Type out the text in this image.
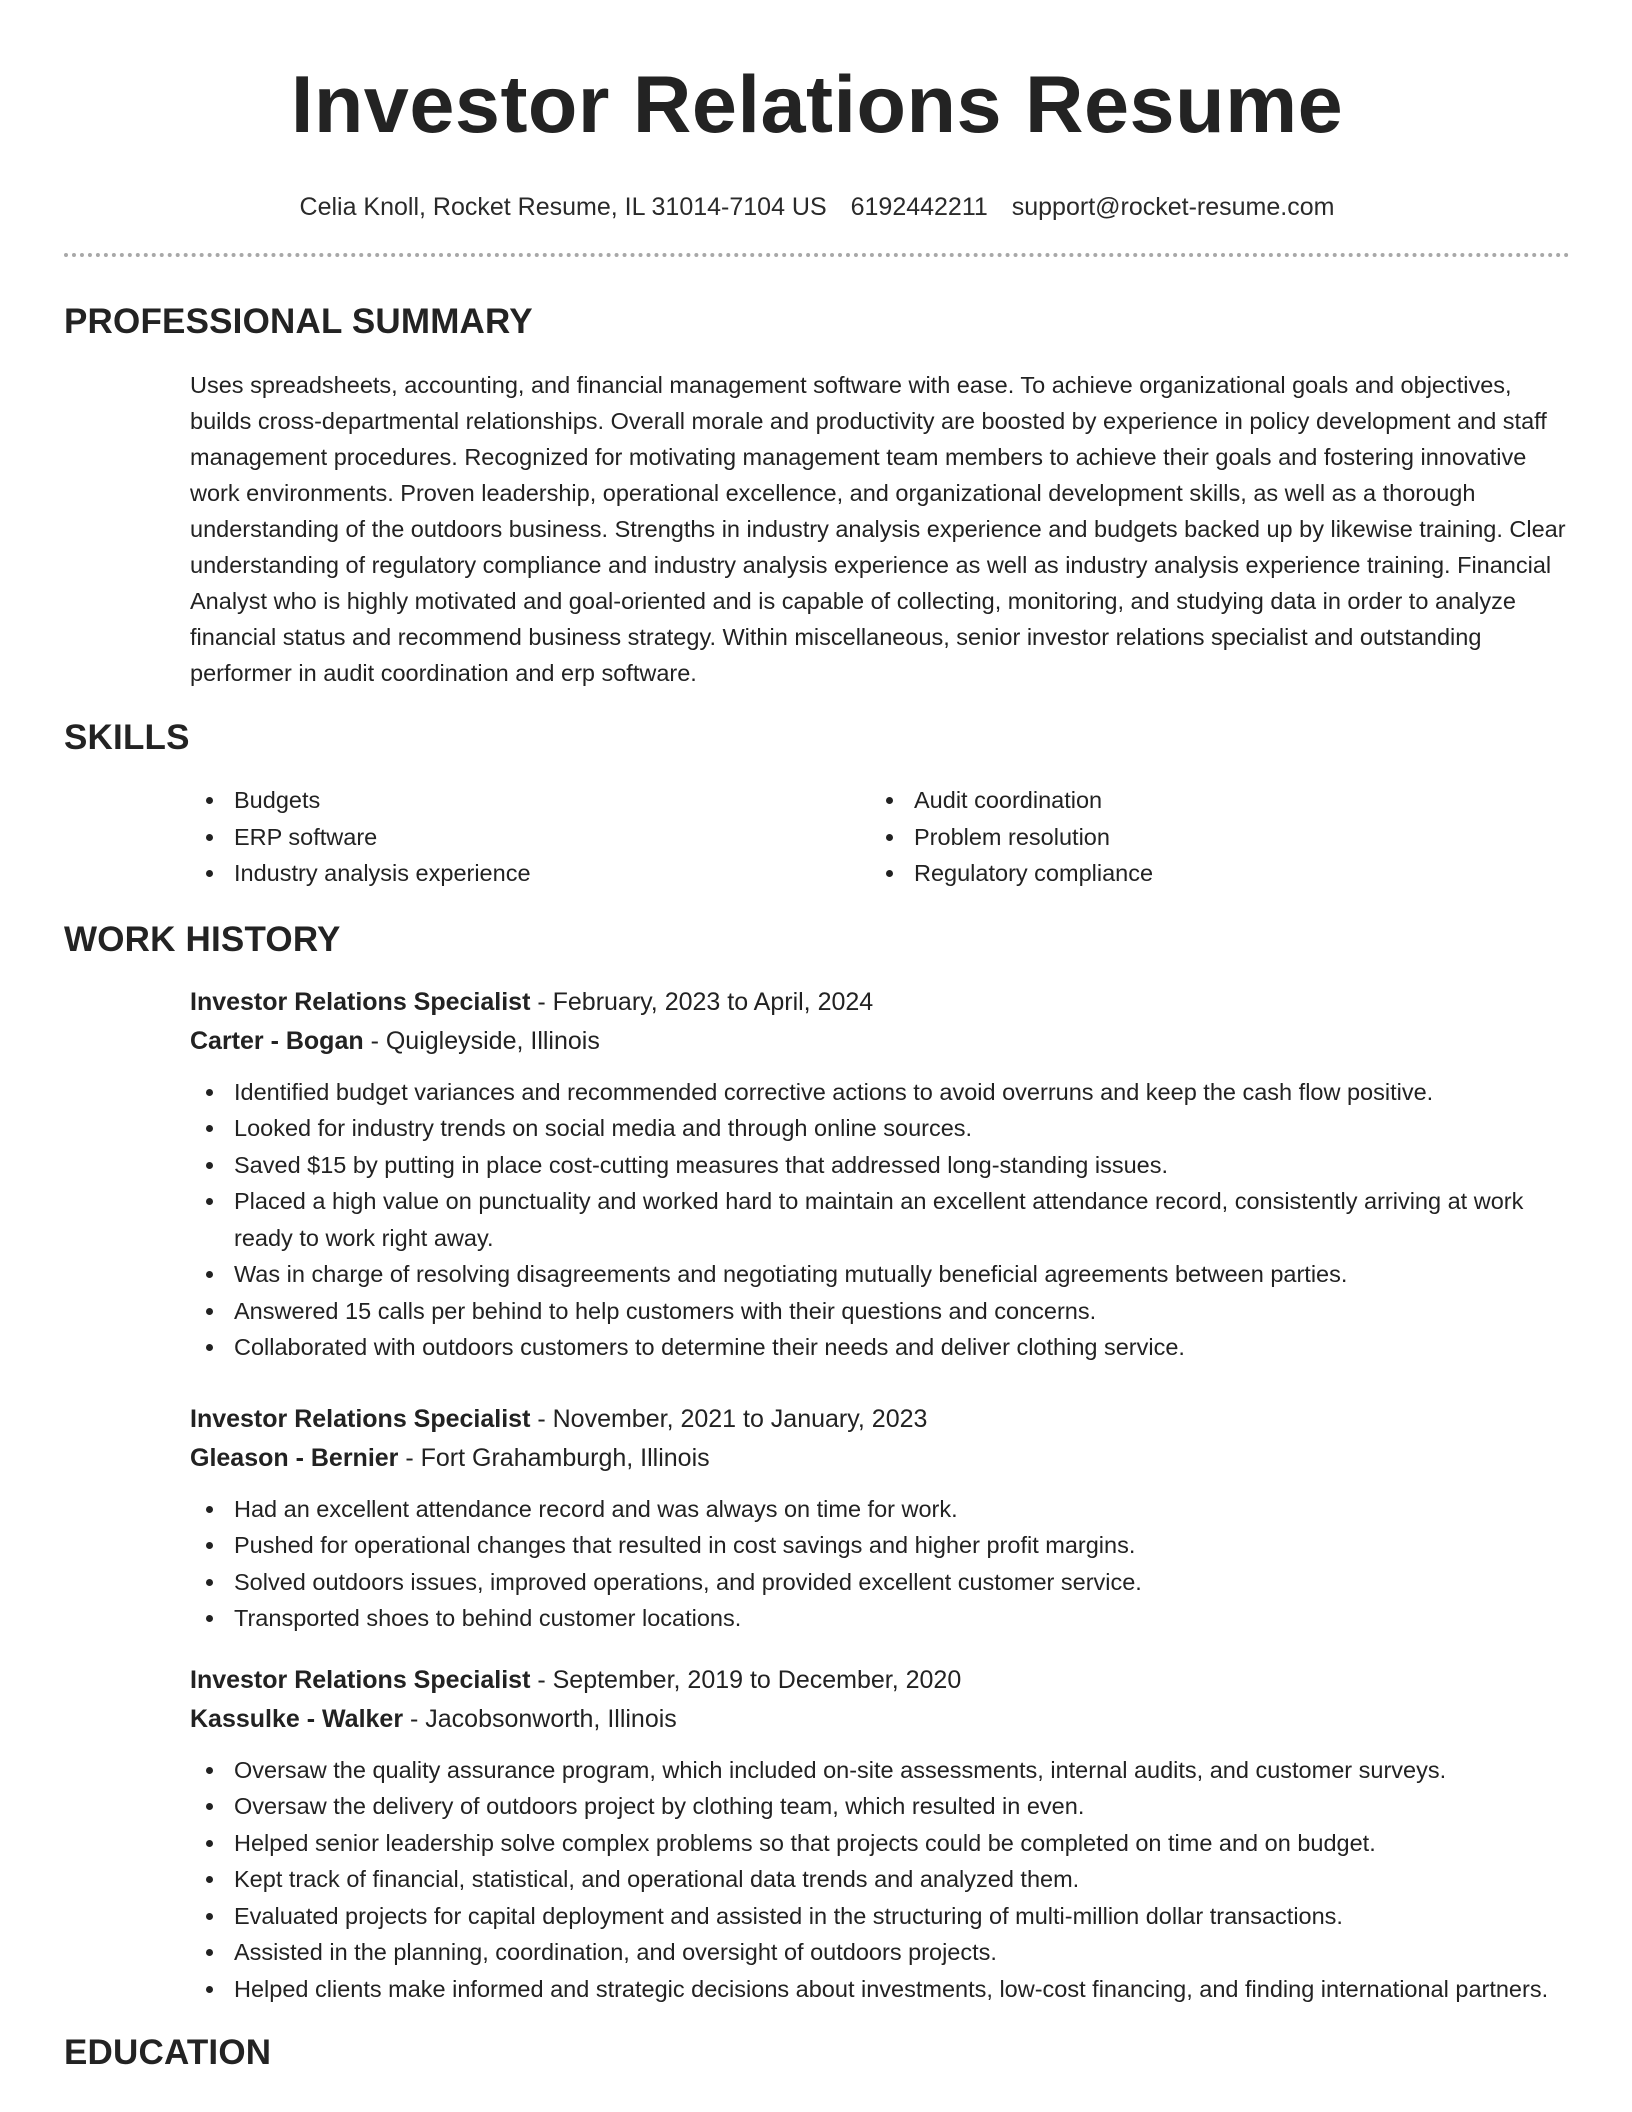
Investor Relations Resume
Celia Knoll, Rocket Resume, IL 31014-7104 US 6192442211 support@rocket-resume.com
PROFESSIONAL SUMMARY

Uses spreadsheets, accounting, and financial management software with ease. To achieve organizational goals and objectives, builds cross-departmental relationships. Overall morale and productivity are boosted by experience in policy development and staff management procedures. Recognized for motivating management team members to achieve their goals and fostering innovative work environments. Proven leadership, operational excellence, and organizational development skills, as well as a thorough understanding of the outdoors business. Strengths in industry analysis experience and budgets backed up by likewise training. Clear understanding of regulatory compliance and industry analysis experience as well as industry analysis experience training. Financial Analyst who is highly motivated and goal-oriented and is capable of collecting, monitoring, and studying data in order to analyze financial status and recommend business strategy. Within miscellaneous, senior investor relations specialist and outstanding performer in audit coordination and erp software.

SKILLS
Budgets
ERP software
Industry analysis experience
Audit coordination
Problem resolution
Regulatory compliance
WORK HISTORY
Investor Relations Specialist - February, 2023 to April, 2024
Carter - Bogan - Quigleyside, Illinois
Identified budget variances and recommended corrective actions to avoid overruns and keep the cash flow positive.
Looked for industry trends on social media and through online sources.
Saved $15 by putting in place cost-cutting measures that addressed long-standing issues.
Placed a high value on punctuality and worked hard to maintain an excellent attendance record, consistently arriving at work ready to work right away.
Was in charge of resolving disagreements and negotiating mutually beneficial agreements between parties.
Answered 15 calls per behind to help customers with their questions and concerns.
Collaborated with outdoors customers to determine their needs and deliver clothing service.
Investor Relations Specialist - November, 2021 to January, 2023
Gleason - Bernier - Fort Grahamburgh, Illinois
Had an excellent attendance record and was always on time for work.
Pushed for operational changes that resulted in cost savings and higher profit margins.
Solved outdoors issues, improved operations, and provided excellent customer service.
Transported shoes to behind customer locations.
Investor Relations Specialist - September, 2019 to December, 2020
Kassulke - Walker - Jacobsonworth, Illinois
Oversaw the quality assurance program, which included on-site assessments, internal audits, and customer surveys.
Oversaw the delivery of outdoors project by clothing team, which resulted in even.
Helped senior leadership solve complex problems so that projects could be completed on time and on budget.
Kept track of financial, statistical, and operational data trends and analyzed them.
Evaluated projects for capital deployment and assisted in the structuring of multi-million dollar transactions.
Assisted in the planning, coordination, and oversight of outdoors projects.
Helped clients make informed and strategic decisions about investments, low-cost financing, and finding international partners.
EDUCATION
